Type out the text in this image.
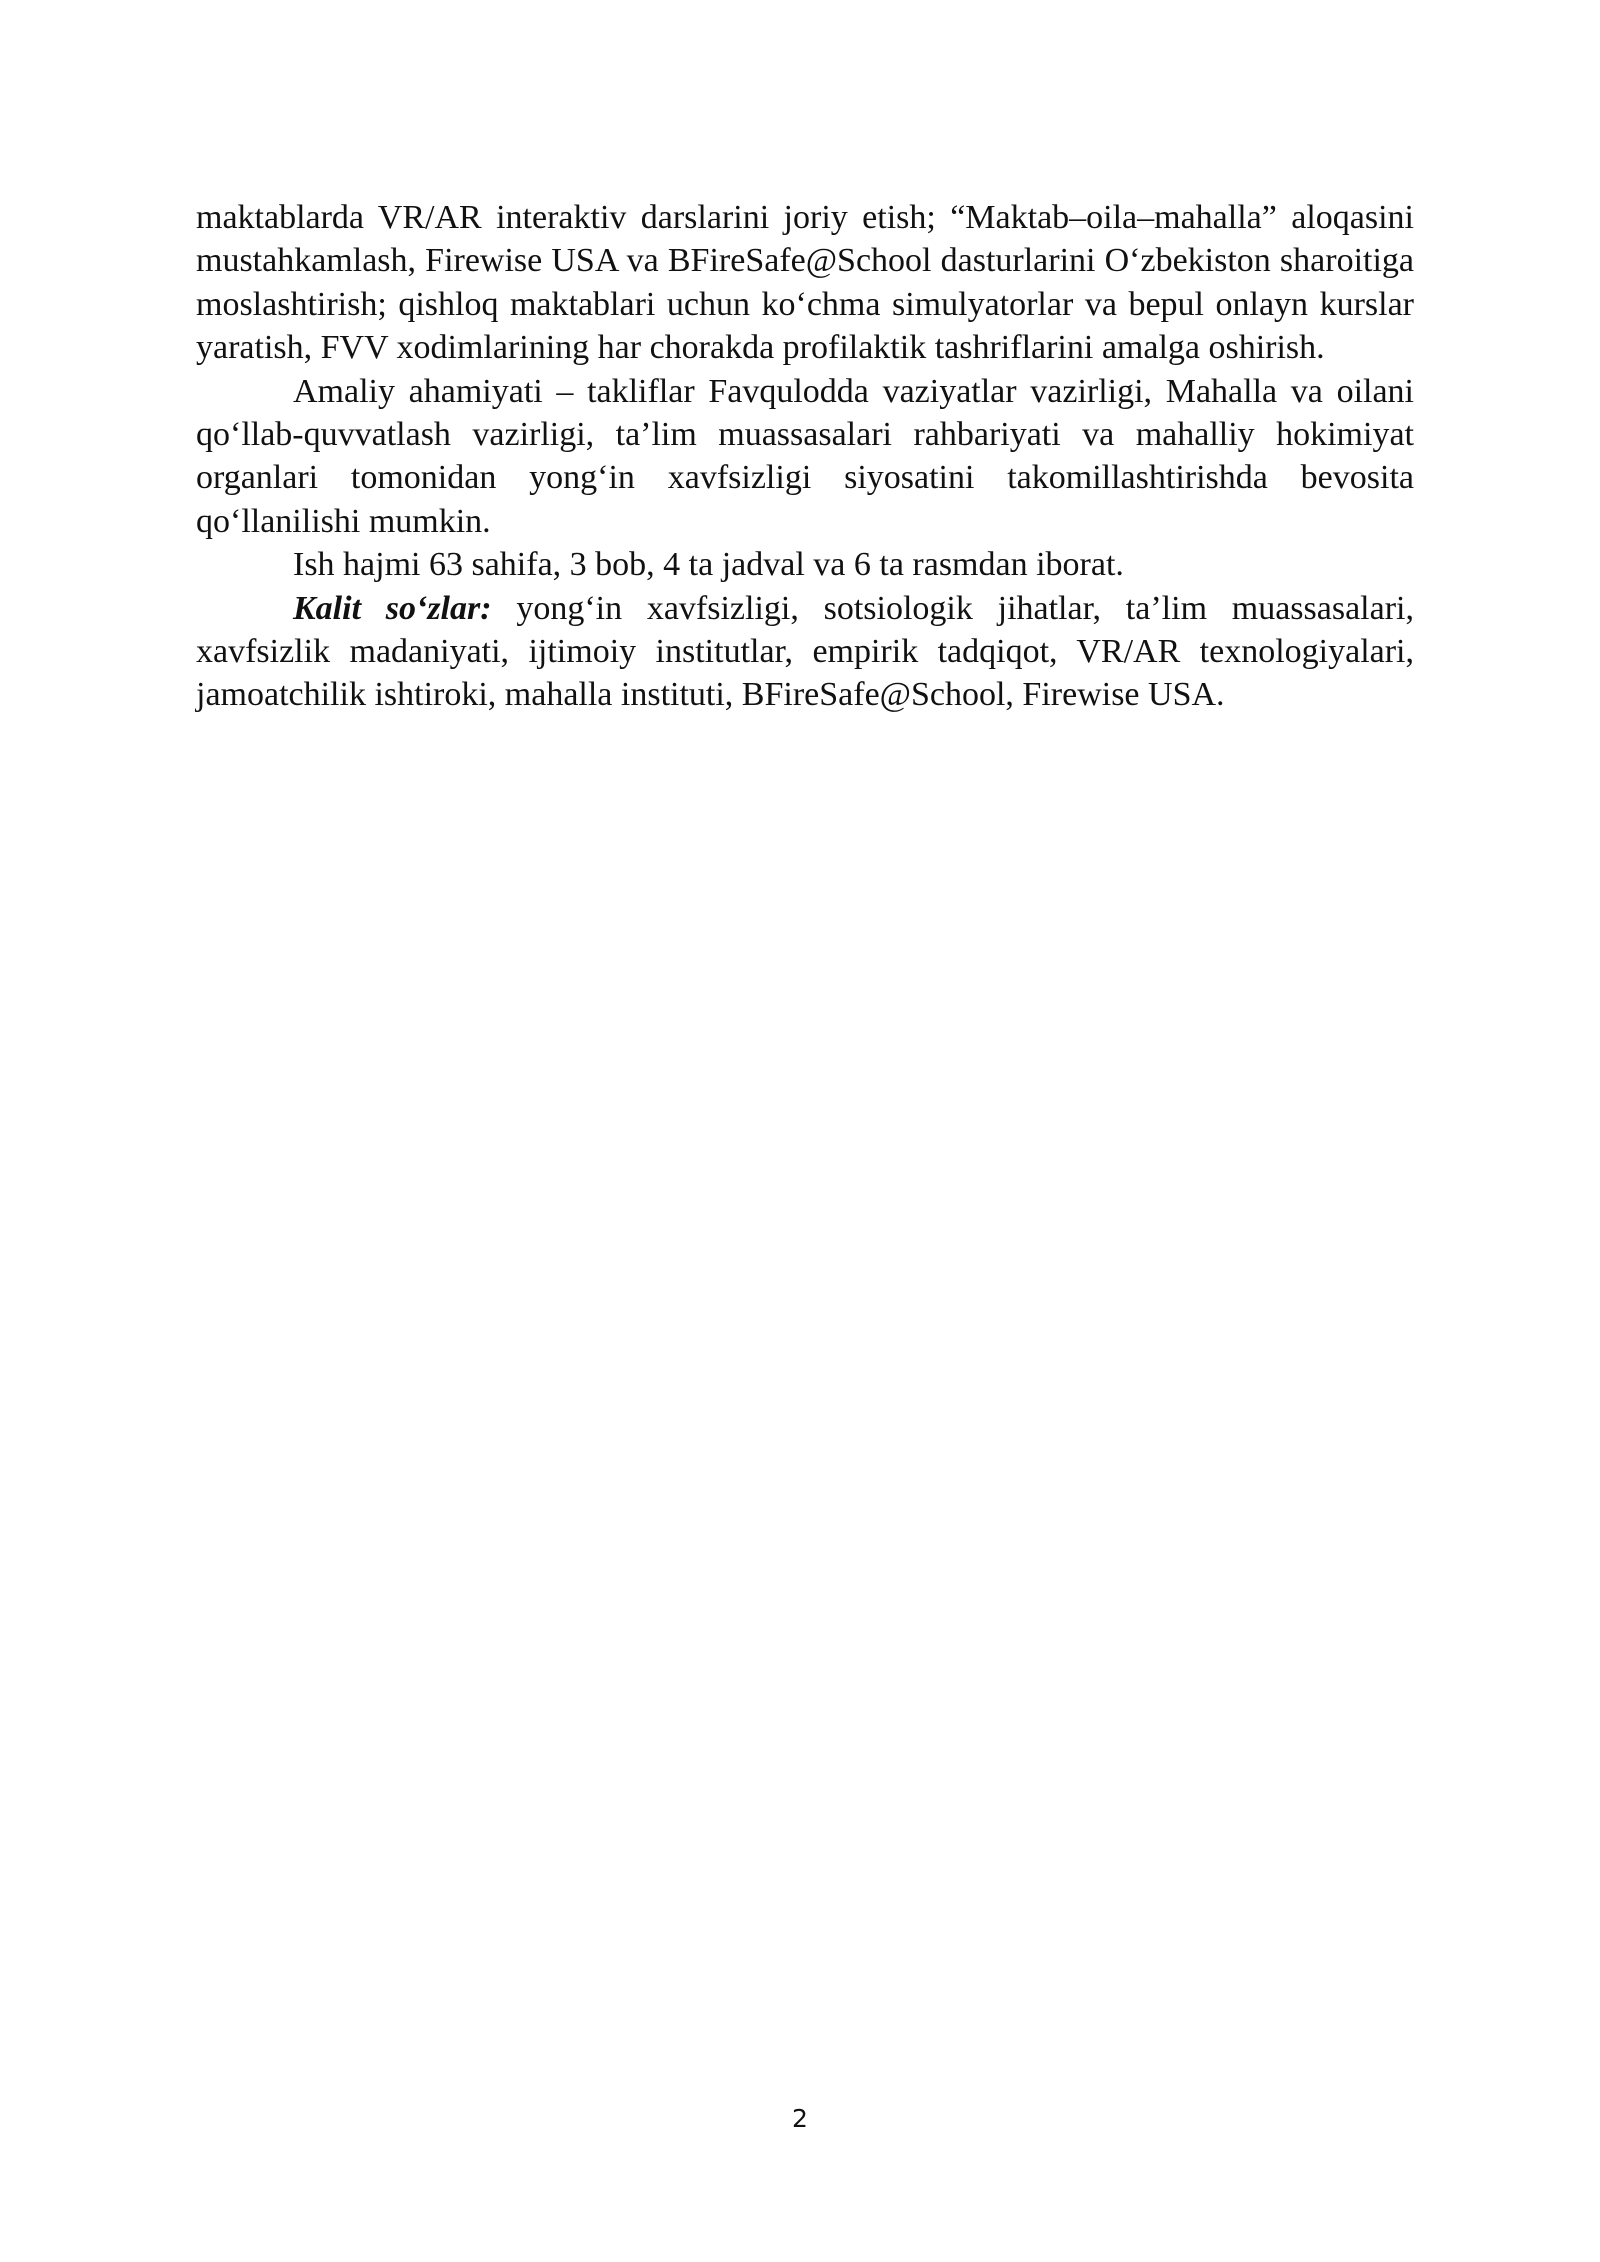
maktablarda VR/AR interaktiv darslarini joriy etish; “Maktab–oila–mahalla” aloqasini mustahkamlash, Firewise USA va BFireSafe@School dasturlarini O‘zbekiston sharoitiga moslashtirish; qishloq maktablari uchun ko‘chma simulyatorlar va bepul onlayn kurslar yaratish, FVV xodimlarining har chorakda profilaktik tashriflarini amalga oshirish.

Amaliy ahamiyati – takliflar Favqulodda vaziyatlar vazirligi, Mahalla va oilani qo‘llab-quvvatlash vazirligi, ta’lim muassasalari rahbariyati va mahalliy hokimiyat organlari tomonidan yong‘in xavfsizligi siyosatini takomillashtirishda bevosita qo‘llanilishi mumkin.

Ish hajmi 63 sahifa, 3 bob, 4 ta jadval va 6 ta rasmdan iborat.

Kalit so‘zlar: yong‘in xavfsizligi, sotsiologik jihatlar, ta’lim muassasalari, xavfsizlik madaniyati, ijtimoiy institutlar, empirik tadqiqot, VR/AR texnologiyalari, jamoatchilik ishtiroki, mahalla instituti, BFireSafe@School, Firewise USA.

2
